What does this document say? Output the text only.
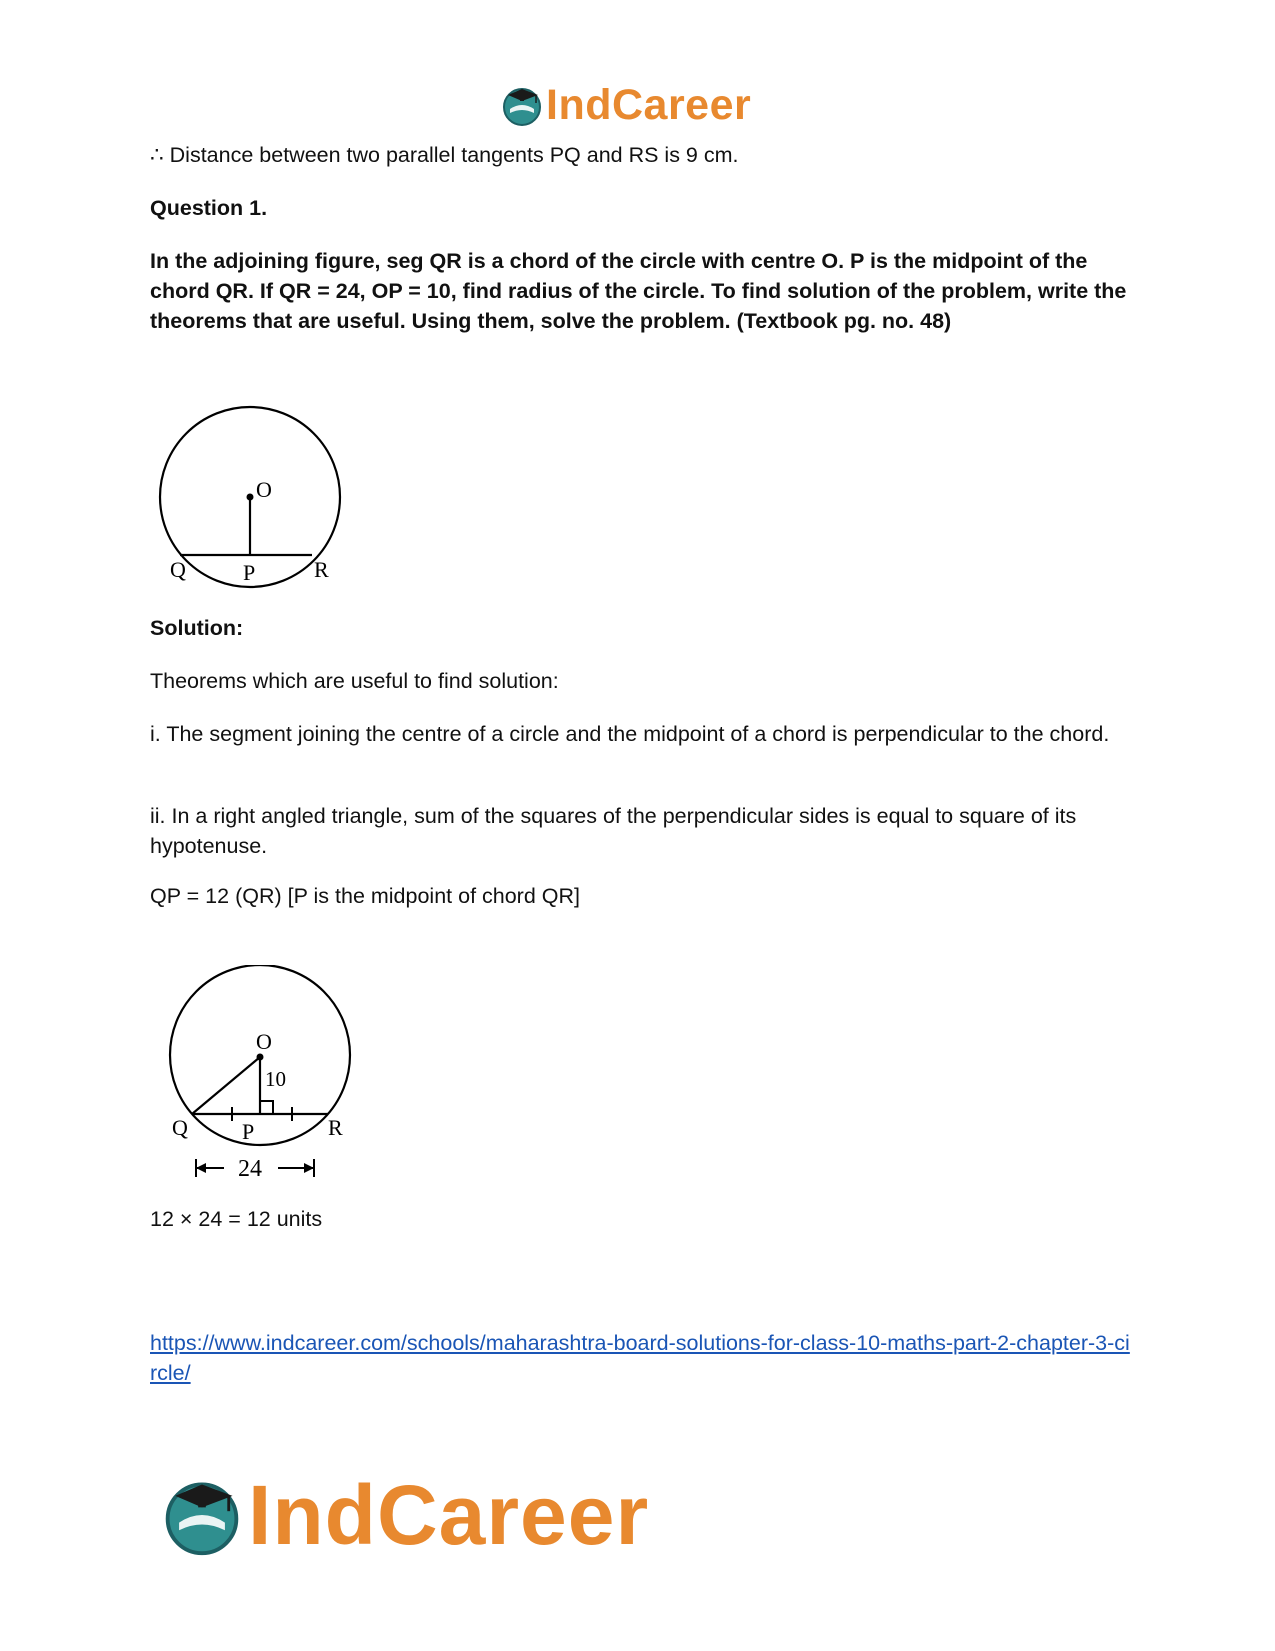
IndCareer

∴ Distance between two parallel tangents PQ and RS is 9 cm.

Question 1.

In the adjoining figure, seg QR is a chord of the circle with centre O. P is the midpoint of the chord QR. If QR = 24, OP = 10, find radius of the circle. To find solution of the problem, write the theorems that are useful. Using them, solve the problem. (Textbook pg. no. 48)

O
Q	P	R

Solution:

Theorems which are useful to find solution:

i. The segment joining the centre of a circle and the midpoint of a chord is perpendicular to the chord.

ii. In a right angled triangle, sum of the squares of the perpendicular sides is equal to square of its hypotenuse.

QP = 12 (QR) [P is the midpoint of chord QR]

O
10
Q P	R
24

12 × 24 = 12 units

https://www.indcareer.com/schools/maharashtra-board-solutions-for-class-10-maths-part-2-chapter-3-circle/

IndCareer
